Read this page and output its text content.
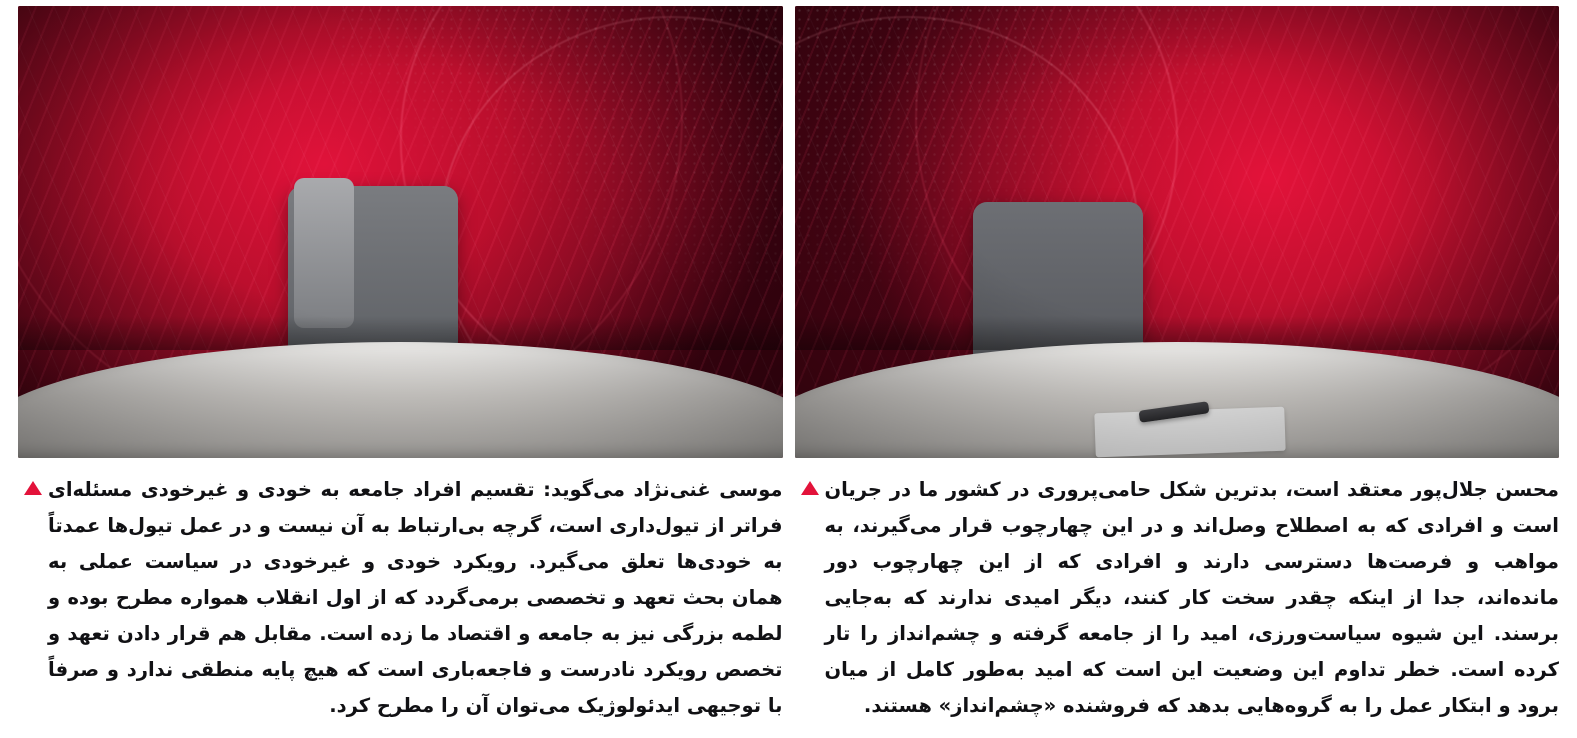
محسن جلال‌پور معتقد است، بدترین شکل حامی‌پروری در کشور ما در جریان است و افرادی که به اصطلاح وصل‌اند و در این چهارچوب قرار می‌گیرند، به مواهب و فرصت‌ها دسترسی دارند و افرادی که از این چهارچوب دور مانده‌اند، جدا از اینکه چقدر سخت کار کنند، دیگر امیدی ندارند که به‌جایی برسند. این شیوه سیاست‌ورزی، امید را از جامعه گرفته و چشم‌انداز را تار کرده است. خطر تداوم این وضعیت این است که امید به‌طور کامل از میان برود و ابتکار عمل را به گروه‌هایی بدهد که فروشنده «چشم‌انداز» هستند.
موسی غنی‌نژاد می‌گوید: تقسیم افراد جامعه به خودی و غیرخودی مسئله‌ای فراتر از تیول‌داری است، گرچه بی‌ارتباط به آن نیست و در عمل تیول‌ها عمدتاً به خودی‌ها تعلق می‌گیرد. رویکرد خودی و غیرخودی در سیاست عملی به همان بحث تعهد و تخصصی برمی‌گردد که از اول انقلاب همواره مطرح بوده و لطمه بزرگی نیز به جامعه و اقتصاد ما زده است. مقابل هم قرار دادن تعهد و تخصص رویکرد نادرست و فاجعه‌باری است که هیچ پایه منطقی ندارد و صرفاً با توجیهی ایدئولوژیک می‌توان آن را مطرح کرد.
